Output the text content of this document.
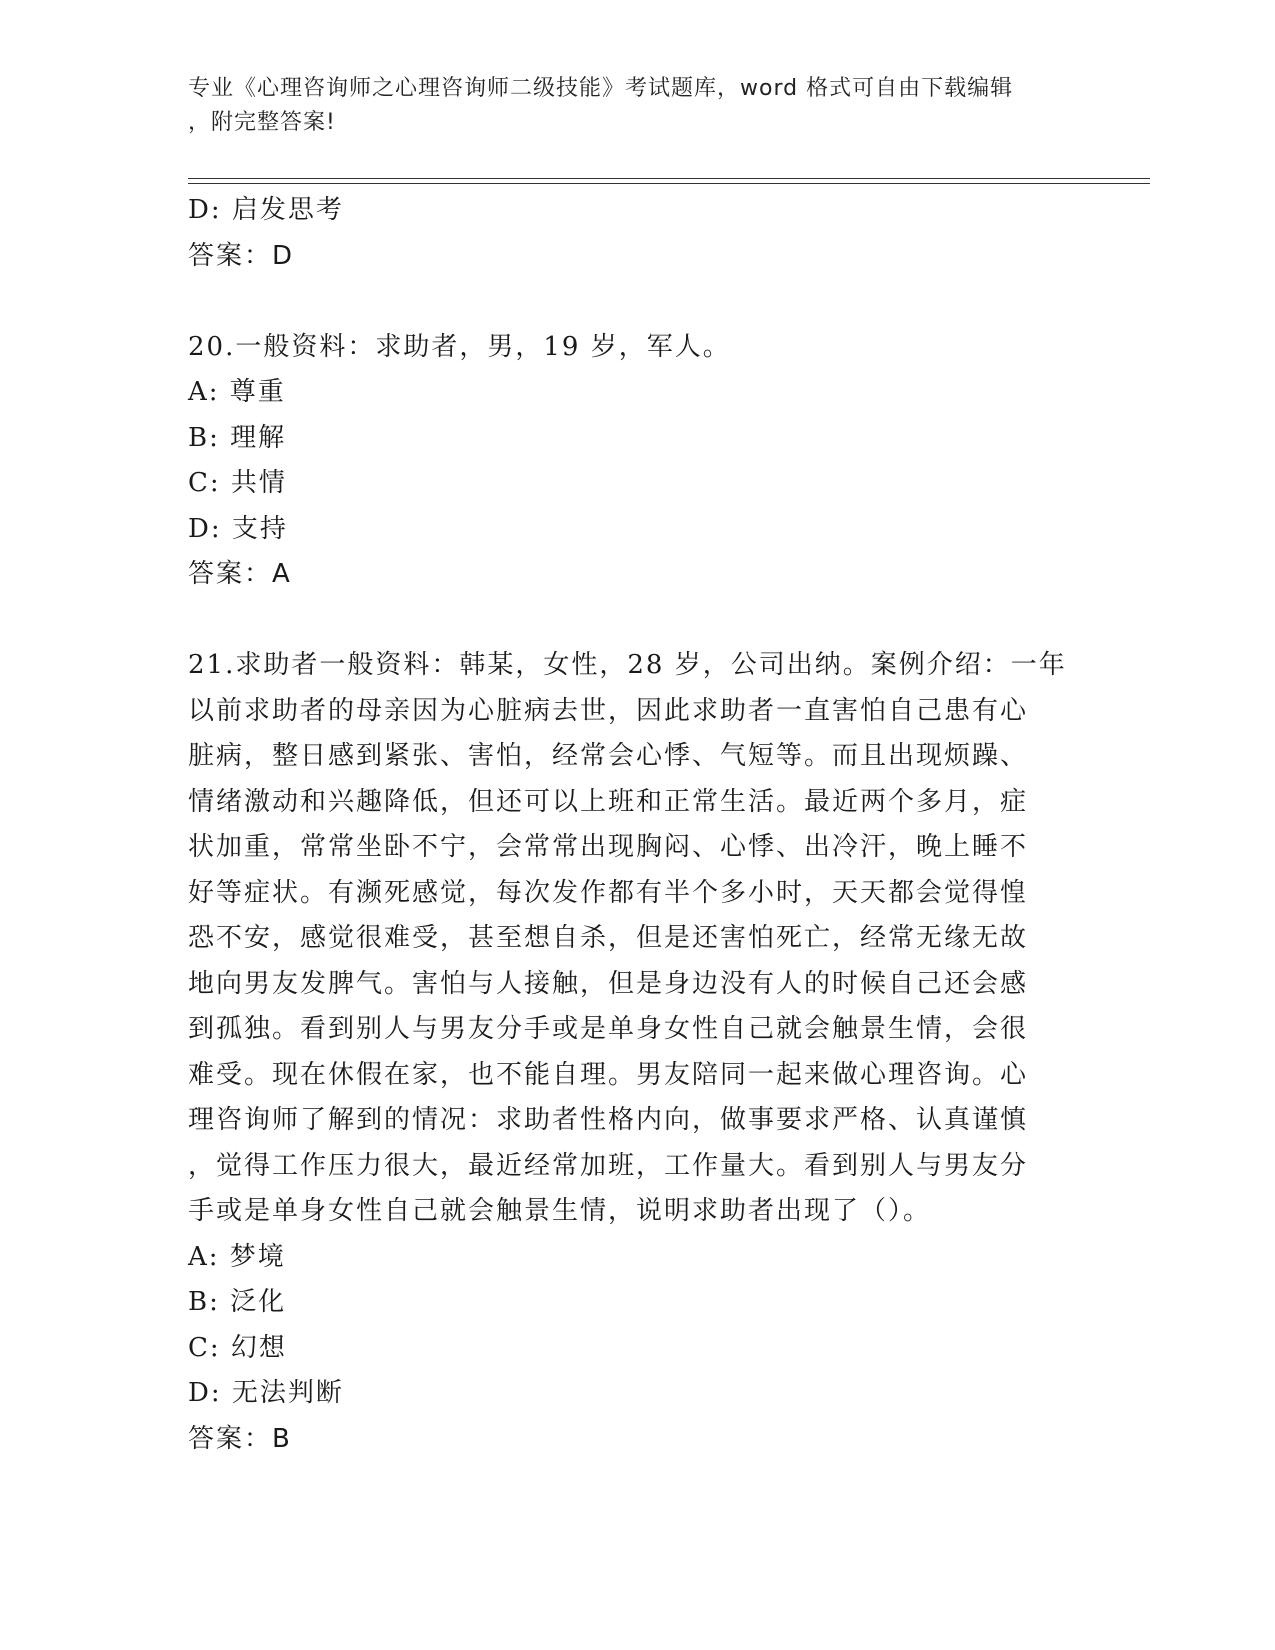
专业《心理咨询师之心理咨询师二级技能》考试题库，word 格式可自由下载编辑
，附完整答案!
D: 启发思考
答案：D
20.一般资料：求助者，男，19 岁，军人。
A: 尊重
B: 理解
C: 共情
D: 支持
答案：A
21.求助者一般资料：韩某，女性，28 岁，公司出纳。案例介绍：一年
以前求助者的母亲因为心脏病去世，因此求助者一直害怕自己患有心
脏病，整日感到紧张、害怕，经常会心悸、气短等。而且出现烦躁、
情绪激动和兴趣降低，但还可以上班和正常生活。最近两个多月，症
状加重，常常坐卧不宁，会常常出现胸闷、心悸、出冷汗，晚上睡不
好等症状。有濒死感觉，每次发作都有半个多小时，天天都会觉得惶
恐不安，感觉很难受，甚至想自杀，但是还害怕死亡，经常无缘无故
地向男友发脾气。害怕与人接触，但是身边没有人的时候自己还会感
到孤独。看到别人与男友分手或是单身女性自己就会触景生情，会很
难受。现在休假在家，也不能自理。男友陪同一起来做心理咨询。心
理咨询师了解到的情况：求助者性格内向，做事要求严格、认真谨慎
，觉得工作压力很大，最近经常加班，工作量大。看到别人与男友分
手或是单身女性自己就会触景生情，说明求助者出现了（）。
A: 梦境
B: 泛化
C: 幻想
D: 无法判断
答案：B
